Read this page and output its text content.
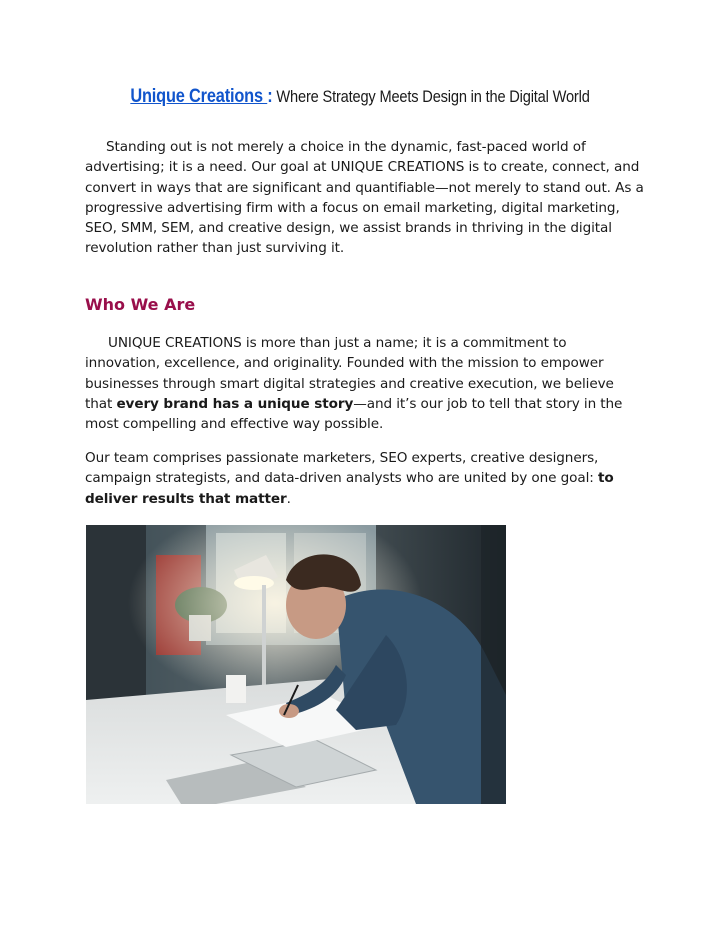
Unique Creations : Where Strategy Meets Design in the Digital World

Standing out is not merely a choice in the dynamic, fast-paced world of advertising; it is a need. Our goal at UNIQUE CREATIONS is to create, connect, and convert in ways that are significant and quantifiable—not merely to stand out. As a progressive advertising firm with a focus on email marketing, digital marketing, SEO, SMM, SEM, and creative design, we assist brands in thriving in the digital revolution rather than just surviving it.

Who We Are

UNIQUE CREATIONS is more than just a name; it is a commitment to innovation, excellence, and originality. Founded with the mission to empower businesses through smart digital strategies and creative execution, we believe that every brand has a unique story—and it’s our job to tell that story in the most compelling and effective way possible.

Our team comprises passionate marketers, SEO experts, creative designers, campaign strategists, and data-driven analysts who are united by one goal: to deliver results that matter.
